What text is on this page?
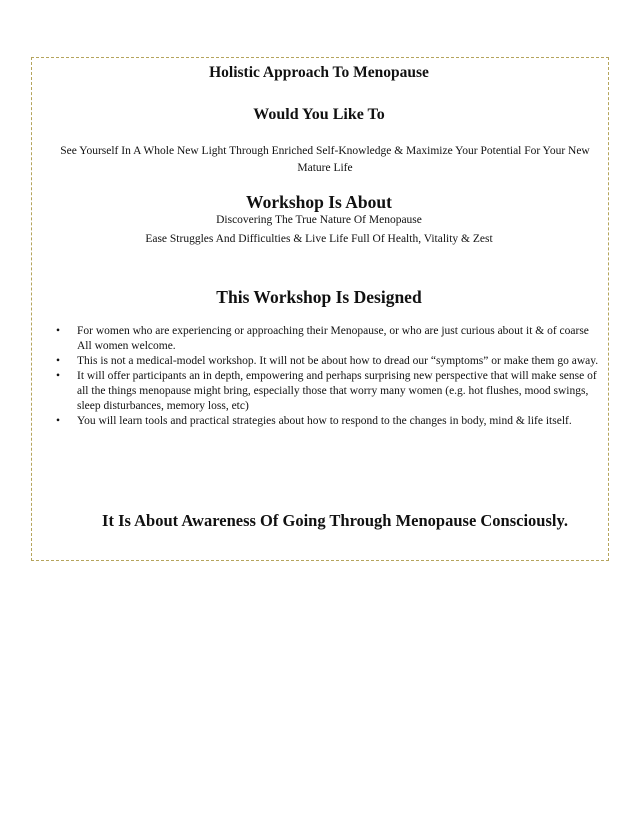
Holistic Approach To Menopause
Would You Like To
See Yourself In A Whole New Light Through Enriched Self-Knowledge & Maximize Your Potential For Your New Mature Life
Workshop Is About
Discovering The True Nature Of Menopause
Ease Struggles And Difficulties & Live Life Full Of Health, Vitality & Zest
This Workshop Is Designed
• For women who are experiencing or approaching their Menopause, or who are just curious about it & of coarse All women welcome.
• This is not a medical-model workshop. It will not be about how to dread our “symptoms” or make them go away.
• It will offer participants an in depth, empowering and perhaps surprising new perspective that will make sense of all the things menopause might bring, especially those that worry many women (e.g. hot flushes, mood swings, sleep disturbances, memory loss, etc)
• You will learn tools and practical strategies about how to respond to the changes in body, mind & life itself.
It Is About Awareness Of Going Through Menopause Consciously.
